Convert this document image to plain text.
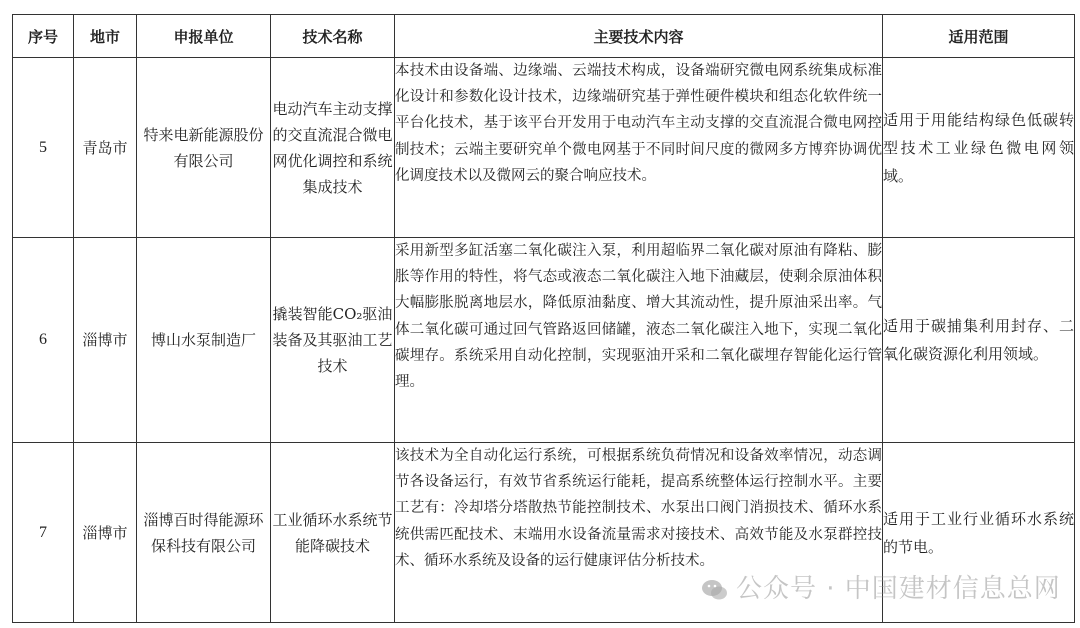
序号	地市	申报单位	技术名称	主要技术内容	适用范围
5	青岛市	特来电新能源股份有限公司	电动汽车主动支撑的交直流混合微电网优化调控和系统集成技术	本技术由设备端、边缘端、云端技术构成，设备端研究微电网系统集成标准化设计和参数化设计技术，边缘端研究基于弹性硬件模块和组态化软件统一平台化技术，基于该平台开发用于电动汽车主动支撑的交直流混合微电网控制技术；云端主要研究单个微电网基于不同时间尺度的微网多方博弈协调优化调度技术以及微网云的聚合响应技术。	适用于用能结构绿色低碳转型技术工业绿色微电网领域。
6	淄博市	博山水泵制造厂	撬装智能CO₂驱油装备及其驱油工艺技术	采用新型多缸活塞二氧化碳注入泵，利用超临界二氧化碳对原油有降粘、膨胀等作用的特性，将气态或液态二氧化碳注入地下油藏层，使剩余原油体积大幅膨胀脱离地层水，降低原油黏度、增大其流动性，提升原油采出率。气体二氧化碳可通过回气管路返回储罐，液态二氧化碳注入地下，实现二氧化碳埋存。系统采用自动化控制，实现驱油开采和二氧化碳埋存智能化运行管理。	适用于碳捕集利用封存、二氧化碳资源化利用领域。
7	淄博市	淄博百时得能源环保科技有限公司	工业循环水系统节能降碳技术	该技术为全自动化运行系统，可根据系统负荷情况和设备效率情况，动态调节各设备运行，有效节省系统运行能耗，提高系统整体运行控制水平。主要工艺有：冷却塔分塔散热节能控制技术、水泵出口阀门消损技术、循环水系统供需匹配技术、末端用水设备流量需求对接技术、高效节能及水泵群控技术、循环水系统及设备的运行健康评估分析技术。	适用于工业行业循环水系统的节电。
公众号 · 中国建材信息总网
